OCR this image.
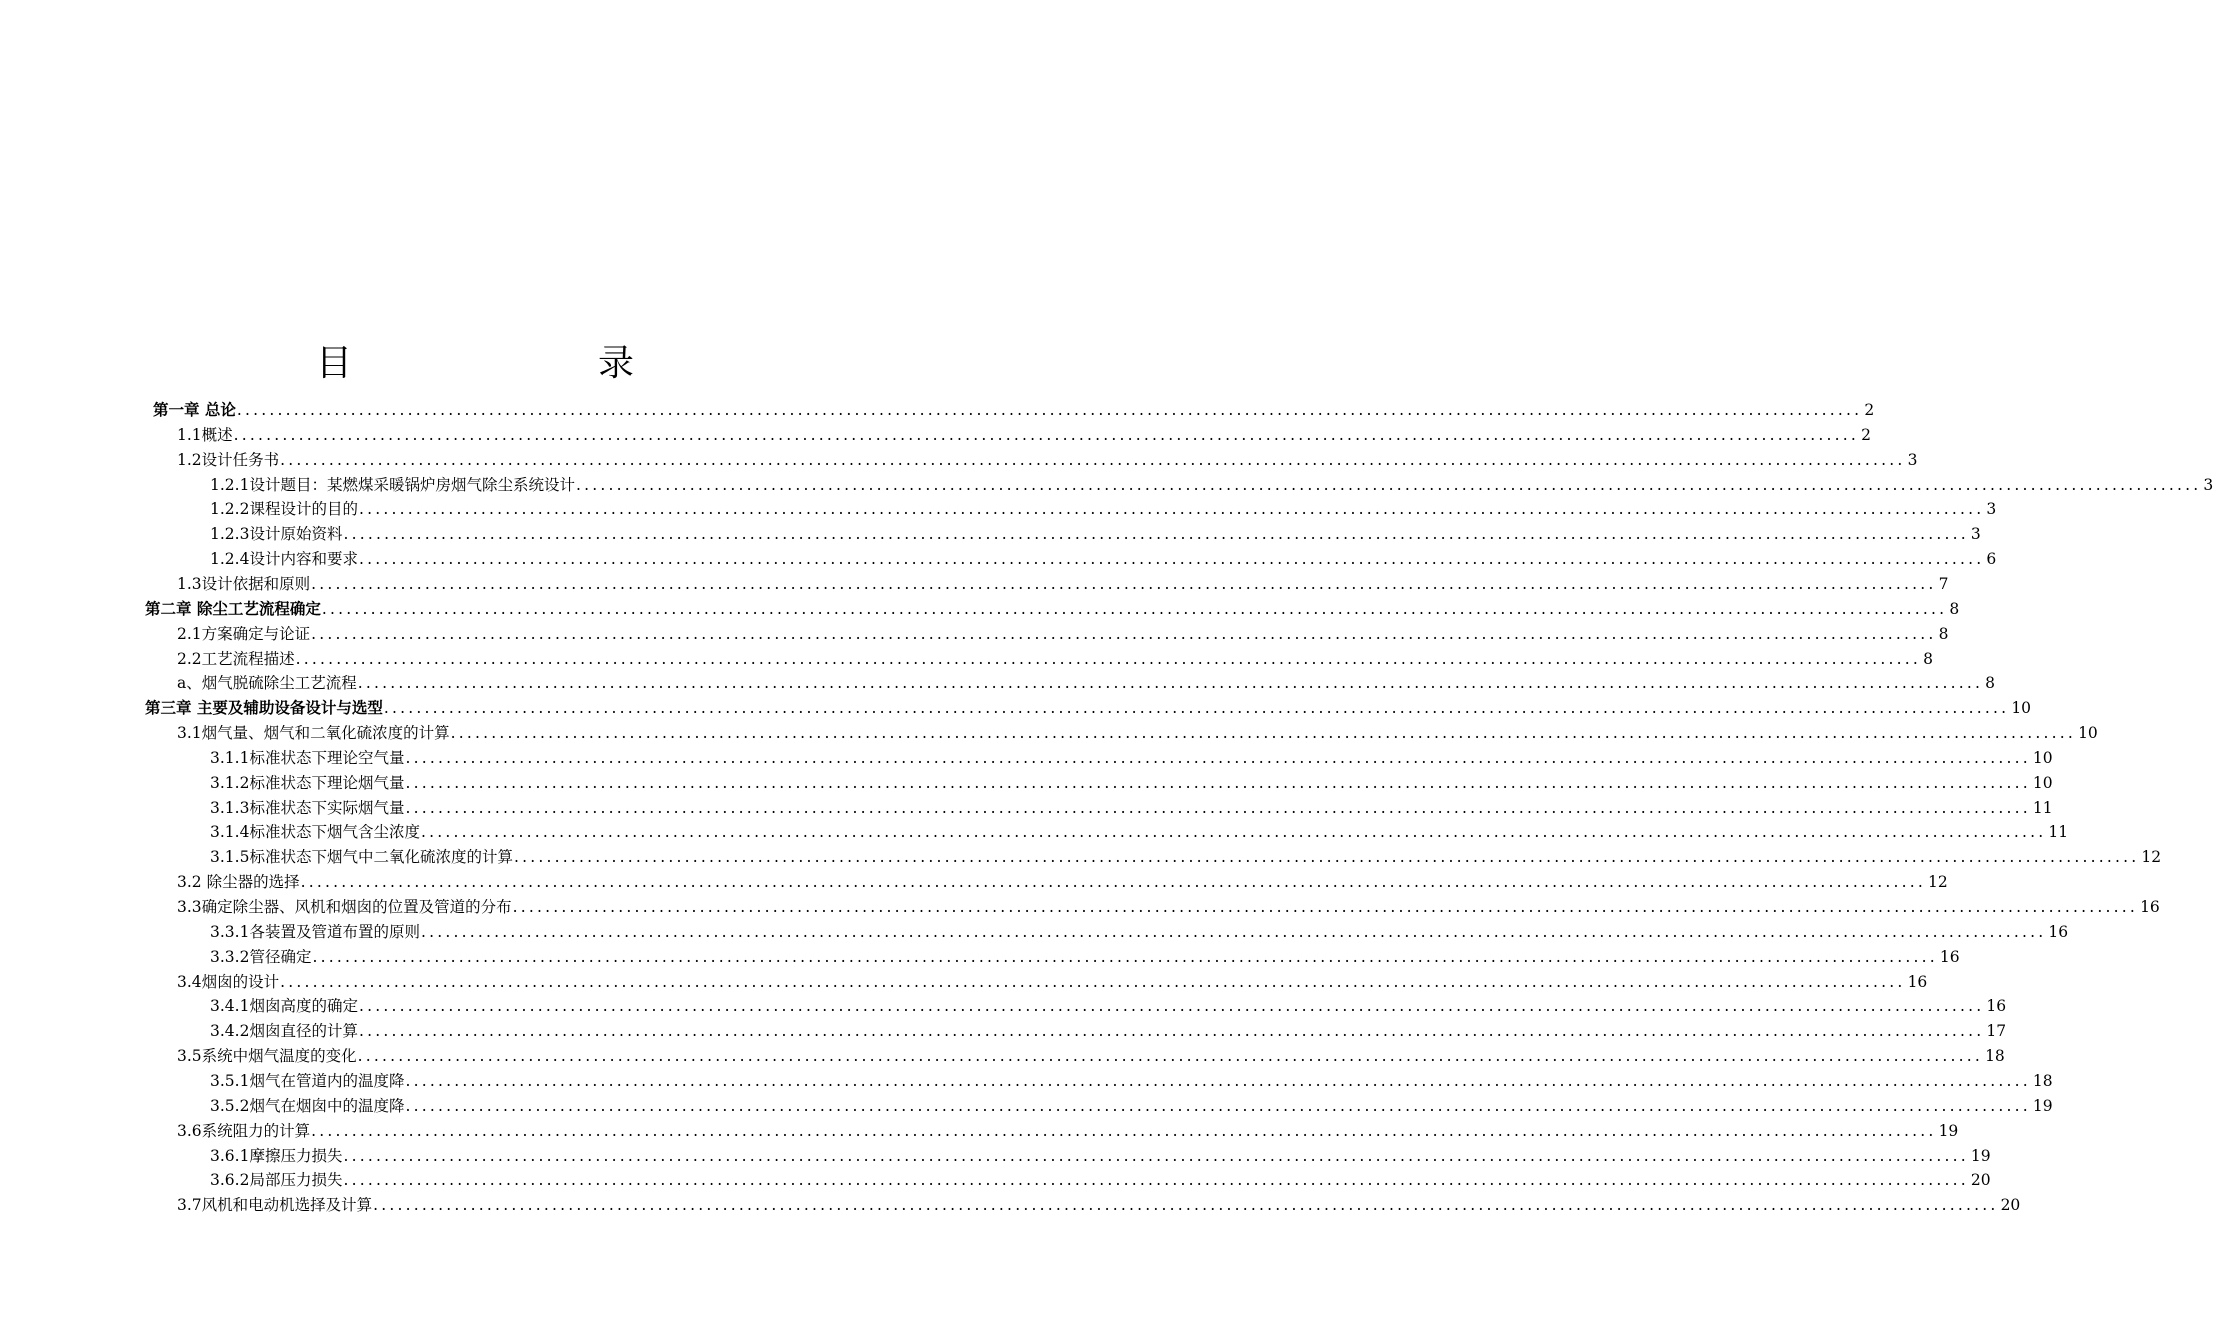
目　　录
第一章 总论 ........................................................................................................................................................................................................ 2
1.1概述 ........................................................................................................................................................................................................ 2
1.2设计任务书 ........................................................................................................................................................................................................ 3
1.2.1设计题目：某燃煤采暖锅炉房烟气除尘系统设计 ........................................................................................................................................................................................................ 3
1.2.2课程设计的目的 ........................................................................................................................................................................................................ 3
1.2.3设计原始资料 ........................................................................................................................................................................................................ 3
1.2.4设计内容和要求 ........................................................................................................................................................................................................ 6
1.3设计依据和原则 ........................................................................................................................................................................................................ 7
第二章 除尘工艺流程确定 ........................................................................................................................................................................................................ 8
2.1方案确定与论证 ........................................................................................................................................................................................................ 8
2.2工艺流程描述 ........................................................................................................................................................................................................ 8
a、烟气脱硫除尘工艺流程 ........................................................................................................................................................................................................ 8
第三章 主要及辅助设备设计与选型 ........................................................................................................................................................................................................ 10
3.1烟气量、烟气和二氧化硫浓度的计算 ........................................................................................................................................................................................................ 10
3.1.1标准状态下理论空气量 ........................................................................................................................................................................................................ 10
3.1.2标准状态下理论烟气量 ........................................................................................................................................................................................................ 10
3.1.3标准状态下实际烟气量 ........................................................................................................................................................................................................ 11
3.1.4标准状态下烟气含尘浓度 ........................................................................................................................................................................................................ 11
3.1.5标准状态下烟气中二氧化硫浓度的计算 ........................................................................................................................................................................................................ 12
3.2 除尘器的选择 ........................................................................................................................................................................................................ 12
3.3确定除尘器、风机和烟囱的位置及管道的分布 ........................................................................................................................................................................................................ 16
3.3.1各装置及管道布置的原则 ........................................................................................................................................................................................................ 16
3.3.2管径确定 ........................................................................................................................................................................................................ 16
3.4烟囱的设计 ........................................................................................................................................................................................................ 16
3.4.1烟囱高度的确定 ........................................................................................................................................................................................................ 16
3.4.2烟囱直径的计算 ........................................................................................................................................................................................................ 17
3.5系统中烟气温度的变化 ........................................................................................................................................................................................................ 18
3.5.1烟气在管道内的温度降 ........................................................................................................................................................................................................ 18
3.5.2烟气在烟囱中的温度降 ........................................................................................................................................................................................................ 19
3.6系统阻力的计算 ........................................................................................................................................................................................................ 19
3.6.1摩擦压力损失 ........................................................................................................................................................................................................ 19
3.6.2局部压力损失 ........................................................................................................................................................................................................ 20
3.7风机和电动机选择及计算 ........................................................................................................................................................................................................ 20
